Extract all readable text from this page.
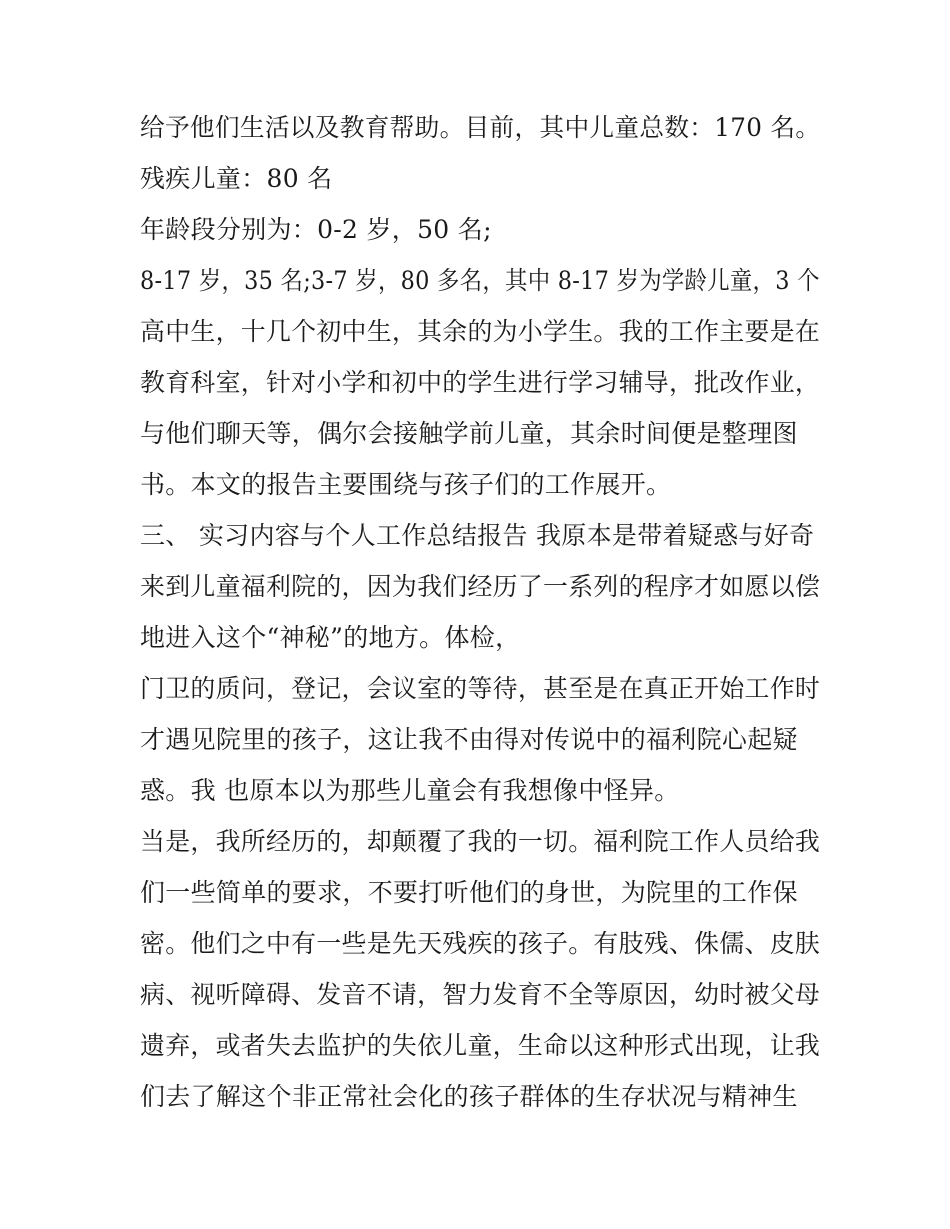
给予他们生活以及教育帮助。目前，其中儿童总数：170 名。

残疾儿童：80 名

年龄段分别为：0-2 岁，50 名;

8-17 岁，35 名;3-7 岁，80 多名，其中 8-17 岁为学龄儿童，3 个

高中生，十几个初中生，其余的为小学生。我的工作主要是在

教育科室，针对小学和初中的学生进行学习辅导，批改作业，

与他们聊天等，偶尔会接触学前儿童，其余时间便是整理图

书。本文的报告主要围绕与孩子们的工作展开。

三、 实习内容与个人工作总结报告 我原本是带着疑惑与好奇

来到儿童福利院的，因为我们经历了一系列的程序才如愿以偿

地进入这个“神秘”的地方。体检，

门卫的质问，登记，会议室的等待，甚至是在真正开始工作时

才遇见院里的孩子，这让我不由得对传说中的福利院心起疑

惑。我 也原本以为那些儿童会有我想像中怪异。

当是，我所经历的，却颠覆了我的一切。福利院工作人员给我

们一些简单的要求，不要打听他们的身世，为院里的工作保

密。他们之中有一些是先天残疾的孩子。有肢残、侏儒、皮肤

病、视听障碍、发音不请，智力发育不全等原因，幼时被父母

遗弃，或者失去监护的失依儿童，生命以这种形式出现，让我

们去了解这个非正常社会化的孩子群体的生存状况与精神生
